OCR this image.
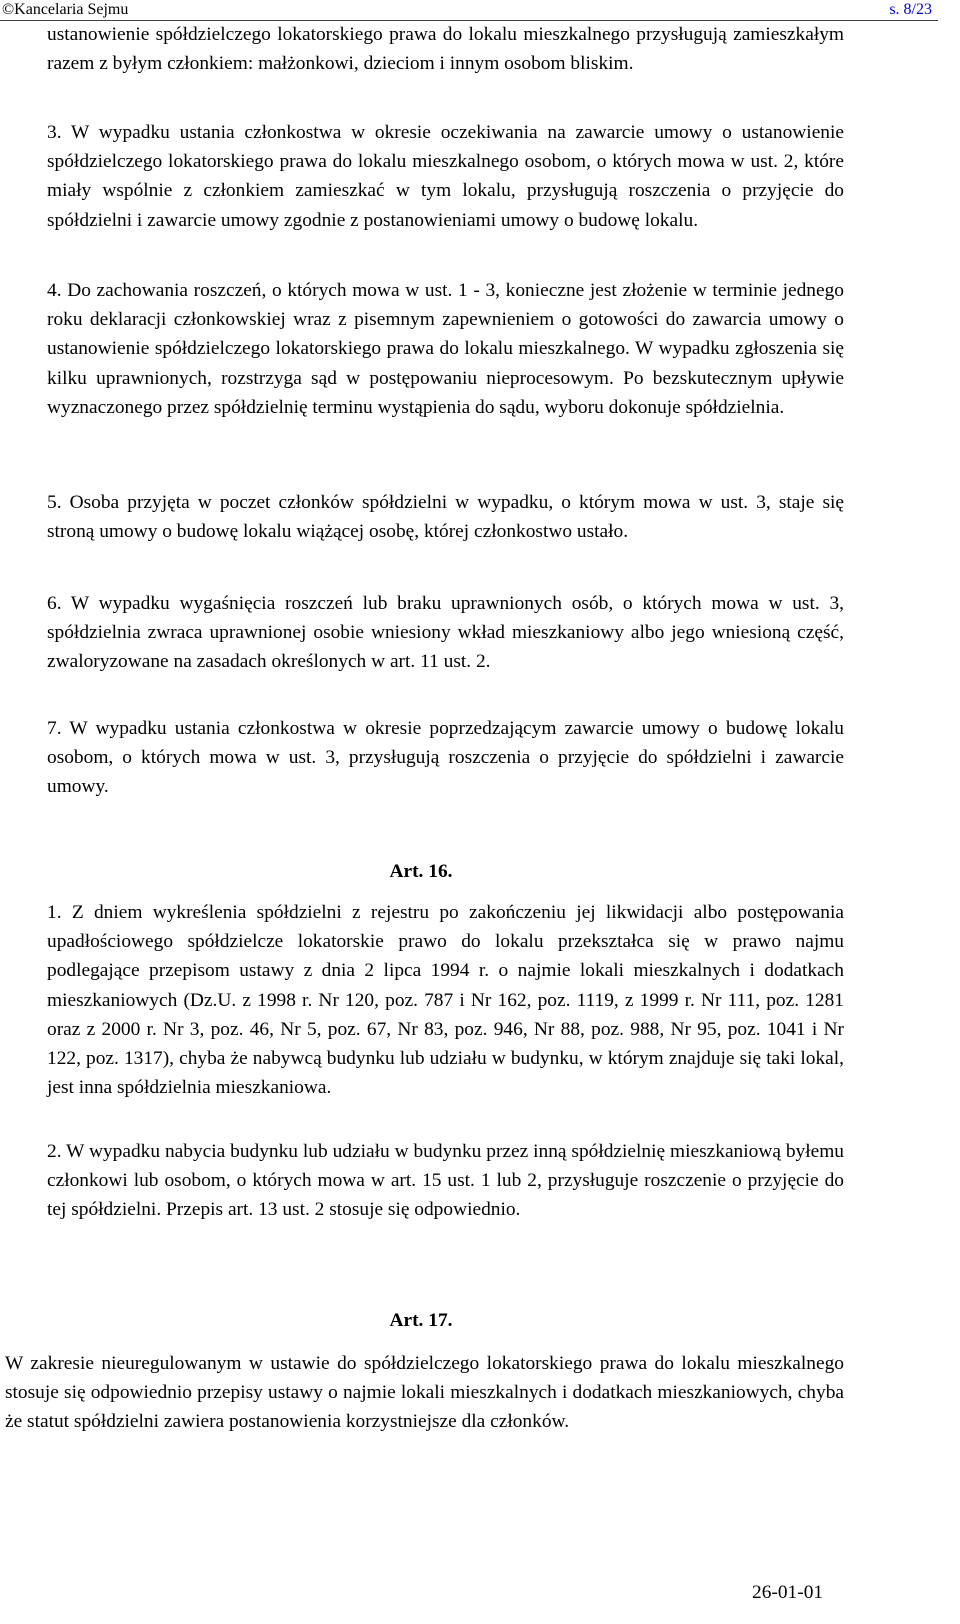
©Kancelaria Sejmu	s. 8/23
ustanowienie spółdzielczego lokatorskiego prawa do lokalu mieszkalnego przysługują zamieszkałym razem z byłym członkiem: małżonkowi, dzieciom i innym osobom bliskim.
3. W wypadku ustania członkostwa w okresie oczekiwania na zawarcie umowy o ustanowienie spółdzielczego lokatorskiego prawa do lokalu mieszkalnego osobom, o których mowa w ust. 2, które miały wspólnie z członkiem zamieszkać w tym lokalu, przysługują roszczenia o przyjęcie do spółdzielni i zawarcie umowy zgodnie z postanowieniami umowy o budowę lokalu.
4. Do zachowania roszczeń, o których mowa w ust. 1 - 3, konieczne jest złożenie w terminie jednego roku deklaracji członkowskiej wraz z pisemnym zapewnieniem o gotowości do zawarcia umowy o ustanowienie spółdzielczego lokatorskiego prawa do lokalu mieszkalnego. W wypadku zgłoszenia się kilku uprawnionych, rozstrzyga sąd w postępowaniu nieprocesowym. Po bezskutecznym upływie wyznaczonego przez spółdzielnię terminu wystąpienia do sądu, wyboru dokonuje spółdzielnia.
5. Osoba przyjęta w poczet członków spółdzielni w wypadku, o którym mowa w ust. 3, staje się stroną umowy o budowę lokalu wiążącej osobę, której członkostwo ustało.
6. W wypadku wygaśnięcia roszczeń lub braku uprawnionych osób, o których mowa w ust. 3, spółdzielnia zwraca uprawnionej osobie wniesiony wkład mieszkaniowy albo jego wniesioną część, zwaloryzowane na zasadach określonych w art. 11 ust. 2.
7. W wypadku ustania członkostwa w okresie poprzedzającym zawarcie umowy o budowę lokalu osobom, o których mowa w ust. 3, przysługują roszczenia o przyjęcie do spółdzielni i zawarcie umowy.
Art. 16.
1. Z dniem wykreślenia spółdzielni z rejestru po zakończeniu jej likwidacji albo postępowania upadłościowego spółdzielcze lokatorskie prawo do lokalu przekształca się w prawo najmu podlegające przepisom ustawy z dnia 2 lipca 1994 r. o najmie lokali mieszkalnych i dodatkach mieszkaniowych (Dz.U. z 1998 r. Nr 120, poz. 787 i Nr 162, poz. 1119, z 1999 r. Nr 111, poz. 1281 oraz z 2000 r. Nr 3, poz. 46, Nr 5, poz. 67, Nr 83, poz. 946, Nr 88, poz. 988, Nr 95, poz. 1041 i Nr 122, poz. 1317), chyba że nabywcą budynku lub udziału w budynku, w którym znajduje się taki lokal, jest inna spółdzielnia mieszkaniowa.
2. W wypadku nabycia budynku lub udziału w budynku przez inną spółdzielnię mieszkaniową byłemu członkowi lub osobom, o których mowa w art. 15 ust. 1 lub 2, przysługuje roszczenie o przyjęcie do tej spółdzielni. Przepis art. 13 ust. 2 stosuje się odpowiednio.
Art. 17.
W zakresie nieuregulowanym w ustawie do spółdzielczego lokatorskiego prawa do lokalu mieszkalnego stosuje się odpowiednio przepisy ustawy o najmie lokali mieszkalnych i dodatkach mieszkaniowych, chyba że statut spółdzielni zawiera postanowienia korzystniejsze dla członków.
26-01-01
